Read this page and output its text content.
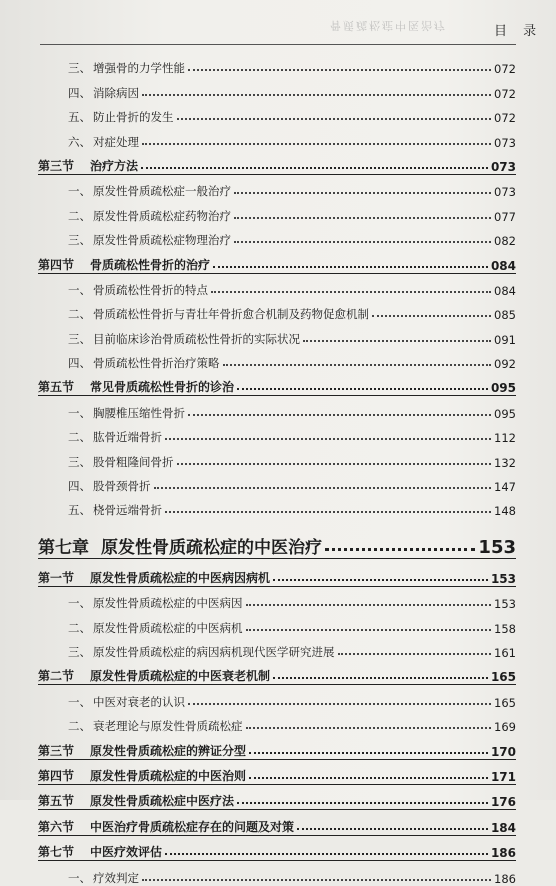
骨质疏松症中医治疗	目 录
三、 增强骨的力学性能	072
四、 消除病因	072
五、 防止骨折的发生	072
六、 对症处理	073
第三节 治疗方法	073
一、 原发性骨质疏松症一般治疗	073
二、 原发性骨质疏松症药物治疗	077
三、 原发性骨质疏松症物理治疗	082
第四节 骨质疏松性骨折的治疗	084
一、 骨质疏松性骨折的特点	084
二、 骨质疏松性骨折与青壮年骨折愈合机制及药物促愈机制	085
三、 目前临床诊治骨质疏松性骨折的实际状况	091
四、 骨质疏松性骨折治疗策略	092
第五节 常见骨质疏松性骨折的诊治	095
一、 胸腰椎压缩性骨折	095
二、 肱骨近端骨折	112
三、 股骨粗隆间骨折	132
四、 股骨颈骨折	147
五、 桡骨远端骨折	148
第七章 原发性骨质疏松症的中医治疗	153
第一节 原发性骨质疏松症的中医病因病机	153
一、 原发性骨质疏松症的中医病因	153
二、 原发性骨质疏松症的中医病机	158
三、 原发性骨质疏松症的病因病机现代医学研究进展	161
第二节 原发性骨质疏松症的中医衰老机制	165
一、 中医对衰老的认识	165
二、 衰老理论与原发性骨质疏松症	169
第三节 原发性骨质疏松症的辨证分型	170
第四节 原发性骨质疏松症的中医治则	171
第五节 原发性骨质疏松症中医疗法	176
第六节 中医治疗骨质疏松症存在的问题及对策	184
第七节 中医疗效评估	186
一、 疗效判定	186
